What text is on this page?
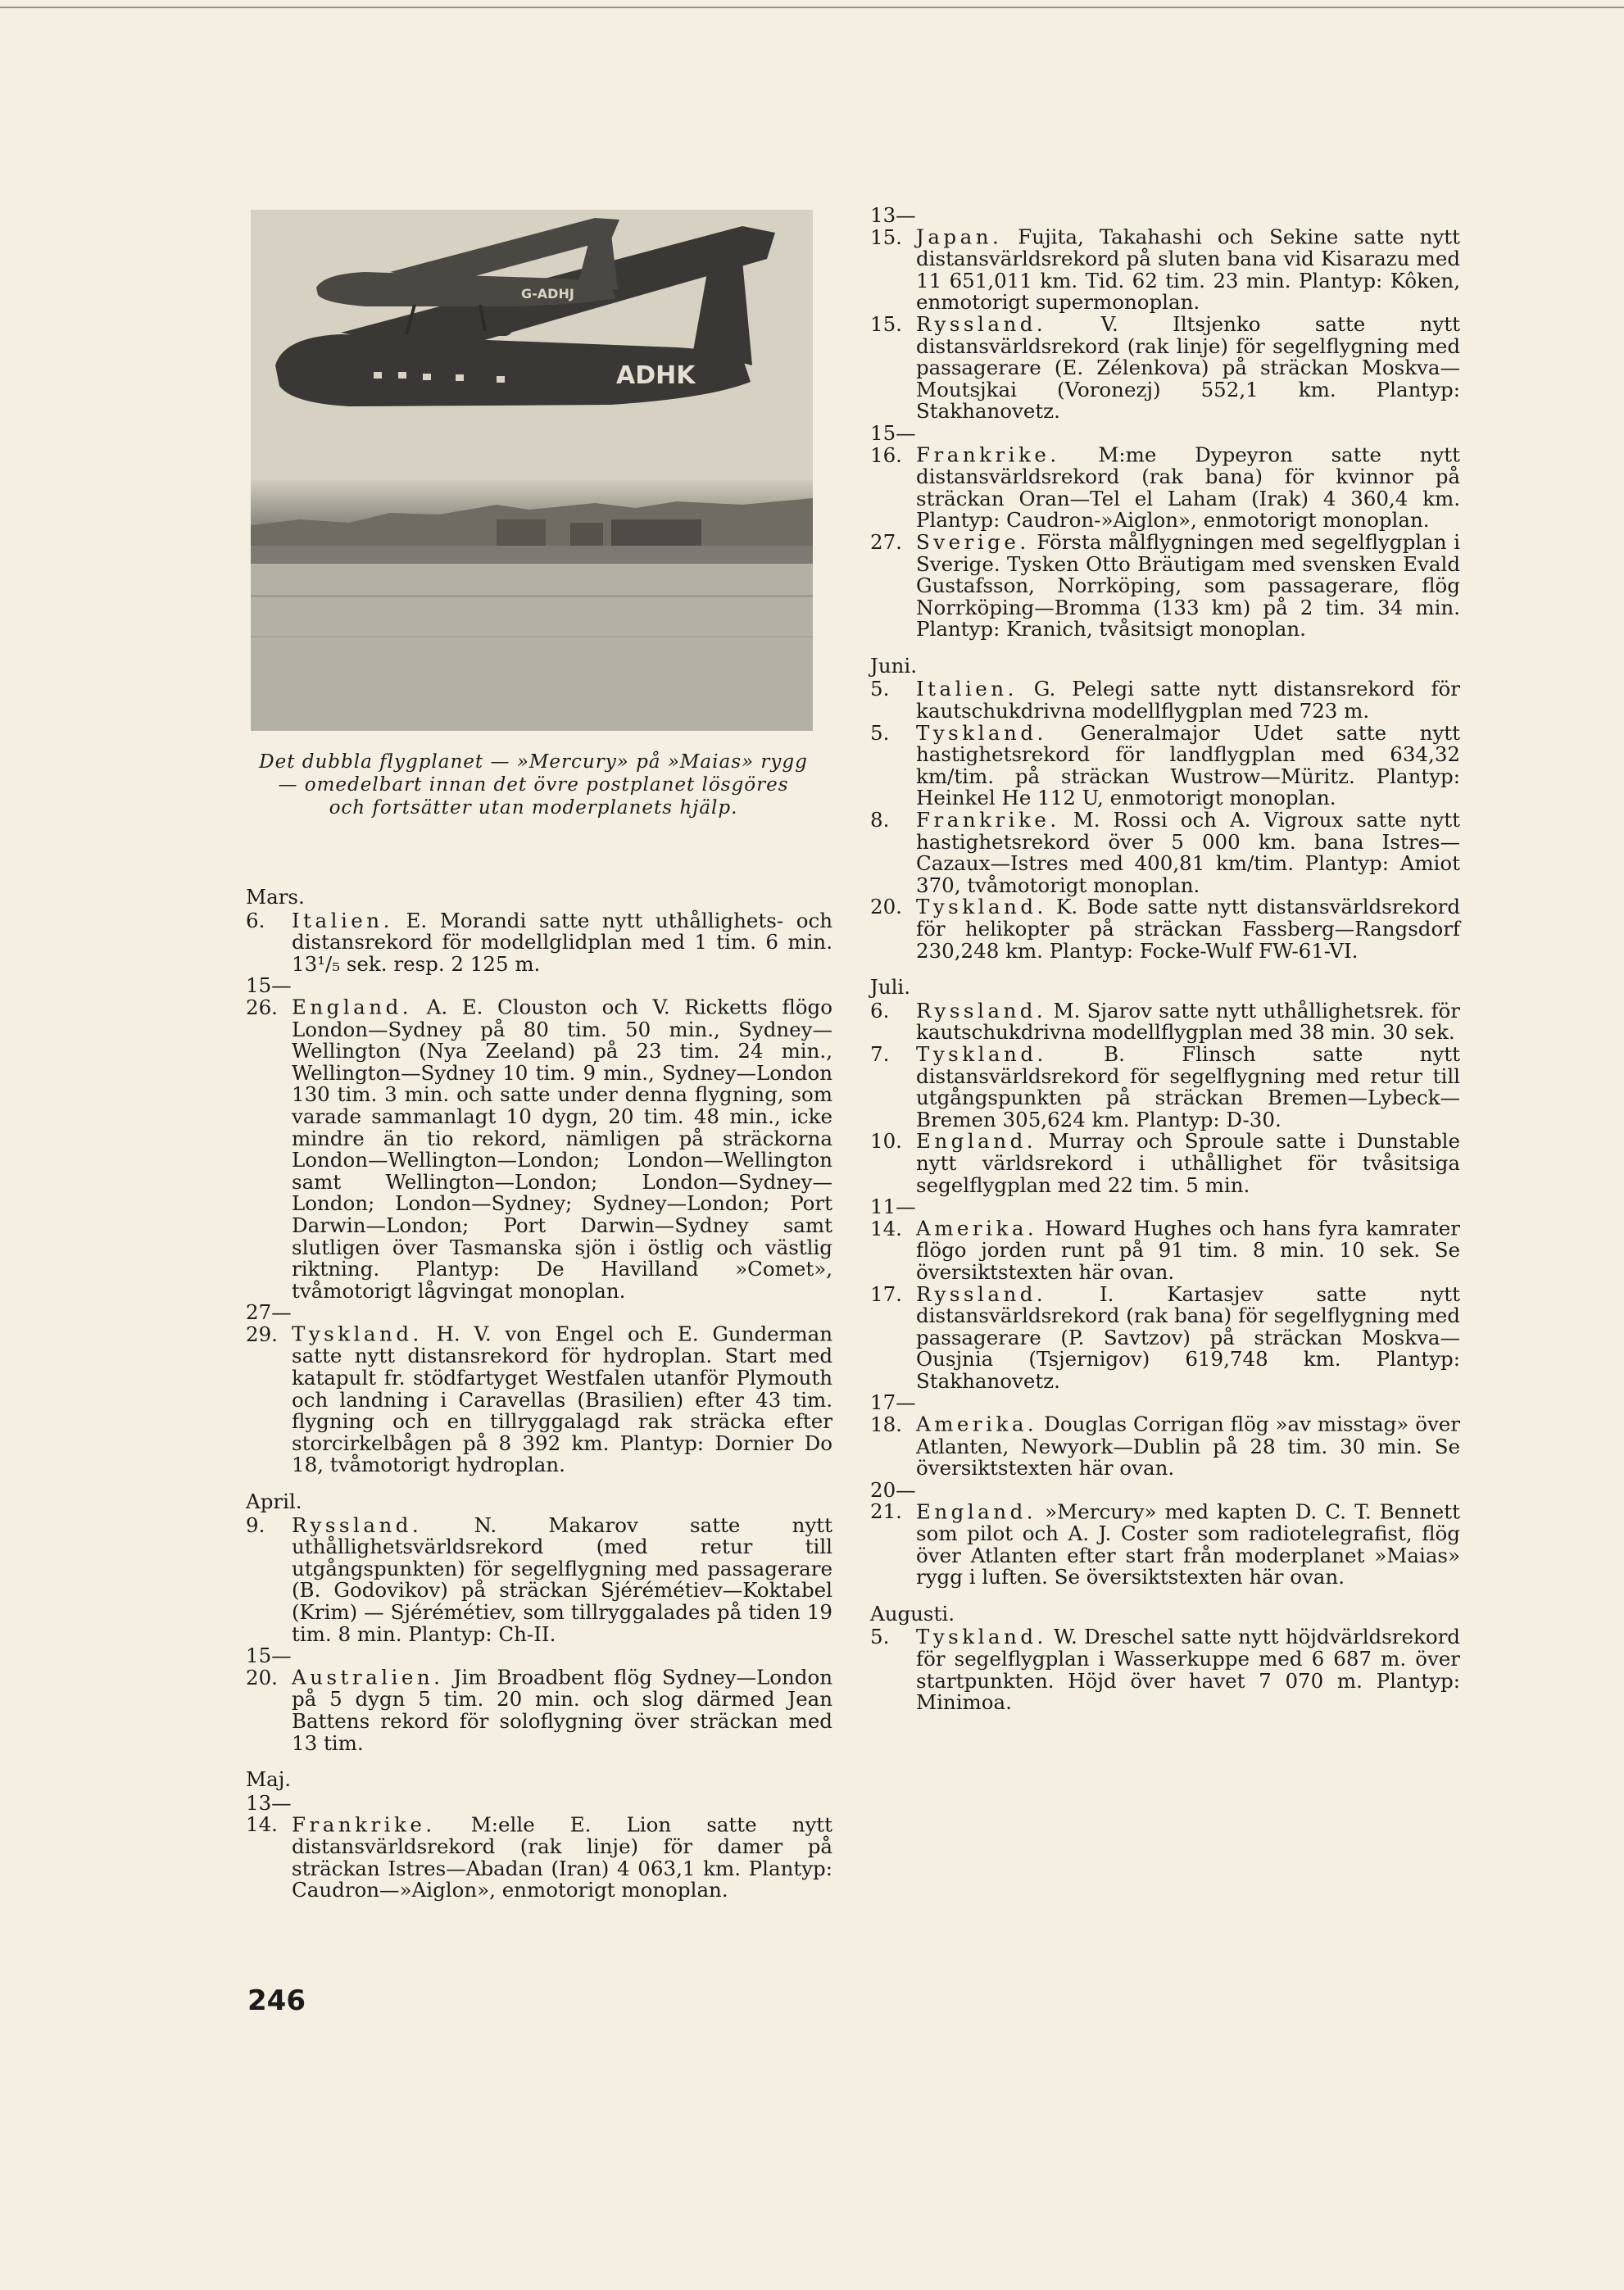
ADHK
G-ADHJ
Det dubbla flygplanet — »Mercury» på »Maias» rygg — omedelbart innan det övre postplanet lösgöres och fortsätter utan moderplanets hjälp.
Mars.

6. Italien. E. Morandi satte nytt uthållighets- och distansrekord för modellglidplan med 1 tim. 6 min. 13¹/₅ sek. resp. 2 125 m.

15—26. England. A. E. Clouston och V. Ricketts flögo London—Sydney på 80 tim. 50 min., Sydney—Wellington (Nya Zeeland) på 23 tim. 24 min., Wellington—Sydney 10 tim. 9 min., Sydney—London 130 tim. 3 min. och satte under denna flygning, som varade sammanlagt 10 dygn, 20 tim. 48 min., icke mindre än tio rekord, nämligen på sträckorna London—Wellington—London; London—Wellington samt Wellington—London; London—Sydney—London; London—Sydney; Sydney—London; Port Darwin—London; Port Darwin—Sydney samt slutligen över Tasmanska sjön i östlig och västlig riktning. Plantyp: De Havilland »Comet», tvåmotorigt lågvingat monoplan.

27—29. Tyskland. H. V. von Engel och E. Gunderman satte nytt distansrekord för hydroplan. Start med katapult fr. stödfartyget Westfalen utanför Plymouth och landning i Caravellas (Brasilien) efter 43 tim. flygning och en tillryggalagd rak sträcka efter storcirkelbågen på 8 392 km. Plantyp: Dornier Do 18, tvåmotorigt hydroplan.

April.

9. Ryssland. N. Makarov satte nytt uthållighetsvärldsrekord (med retur till utgångspunkten) för segelflygning med passagerare (B. Godovikov) på sträckan Sjérémétiev—Koktabel (Krim) — Sjérémétiev, som tillryggalades på tiden 19 tim. 8 min. Plantyp: Ch-II.

15—20. Australien. Jim Broadbent flög Sydney—London på 5 dygn 5 tim. 20 min. och slog därmed Jean Battens rekord för soloflygning över sträckan med 13 tim.

Maj.

13—14. Frankrike. M:elle E. Lion satte nytt distansvärldsrekord (rak linje) för damer på sträckan Istres—Abadan (Iran) 4 063,1 km. Plantyp: Caudron—»Aiglon», enmotorigt monoplan.

13—15. Japan. Fujita, Takahashi och Sekine satte nytt distansvärldsrekord på sluten bana vid Kisarazu med 11 651,011 km. Tid. 62 tim. 23 min. Plantyp: Kôken, enmotorigt supermonoplan.

15. Ryssland. V. Iltsjenko satte nytt distansvärldsrekord (rak linje) för segelflygning med passagerare (E. Zélenkova) på sträckan Moskva—Moutsjkai (Voronezj) 552,1 km. Plantyp: Stakhanovetz.

15—16. Frankrike. M:me Dypeyron satte nytt distansvärldsrekord (rak bana) för kvinnor på sträckan Oran—Tel el Laham (Irak) 4 360,4 km. Plantyp: Caudron-»Aiglon», enmotorigt monoplan.

27. Sverige. Första målflygningen med segelflygplan i Sverige. Tysken Otto Bräutigam med svensken Evald Gustafsson, Norrköping, som passagerare, flög Norrköping—Bromma (133 km) på 2 tim. 34 min. Plantyp: Kranich, tvåsitsigt monoplan.

Juni.

5. Italien. G. Pelegi satte nytt distansrekord för kautschukdrivna modellflygplan med 723 m.

5. Tyskland. Generalmajor Udet satte nytt hastighetsrekord för landflygplan med 634,32 km/tim. på sträckan Wustrow—Müritz. Plantyp: Heinkel He 112 U, enmotorigt monoplan.

8. Frankrike. M. Rossi och A. Vigroux satte nytt hastighetsrekord över 5 000 km. bana Istres—Cazaux—Istres med 400,81 km/tim. Plantyp: Amiot 370, tvåmotorigt monoplan.

20. Tyskland. K. Bode satte nytt distansvärldsrekord för helikopter på sträckan Fassberg—Rangsdorf 230,248 km. Plantyp: Focke-Wulf FW-61-VI.

Juli.

6. Ryssland. M. Sjarov satte nytt uthållighetsrek. för kautschukdrivna modellflygplan med 38 min. 30 sek.

7. Tyskland. B. Flinsch satte nytt distansvärldsrekord för segelflygning med retur till utgångspunkten på sträckan Bremen—Lybeck—Bremen 305,624 km. Plantyp: D-30.

10. England. Murray och Sproule satte i Dunstable nytt världsrekord i uthållighet för tvåsitsiga segelflygplan med 22 tim. 5 min.

11—14. Amerika. Howard Hughes och hans fyra kamrater flögo jorden runt på 91 tim. 8 min. 10 sek. Se översiktstexten här ovan.

17. Ryssland. I. Kartasjev satte nytt distansvärldsrekord (rak bana) för segelflygning med passagerare (P. Savtzov) på sträckan Moskva—Ousjnia (Tsjernigov) 619,748 km. Plantyp: Stakhanovetz.

17—18. Amerika. Douglas Corrigan flög »av misstag» över Atlanten, Newyork—Dublin på 28 tim. 30 min. Se översiktstexten här ovan.

20—21. England. »Mercury» med kapten D. C. T. Bennett som pilot och A. J. Coster som radiotelegrafist, flög över Atlanten efter start från moderplanet »Maias» rygg i luften. Se översiktstexten här ovan.

Augusti.

5. Tyskland. W. Dreschel satte nytt höjdvärldsrekord för segelflygplan i Wasserkuppe med 6 687 m. över startpunkten. Höjd över havet 7 070 m. Plantyp: Minimoa.

246
